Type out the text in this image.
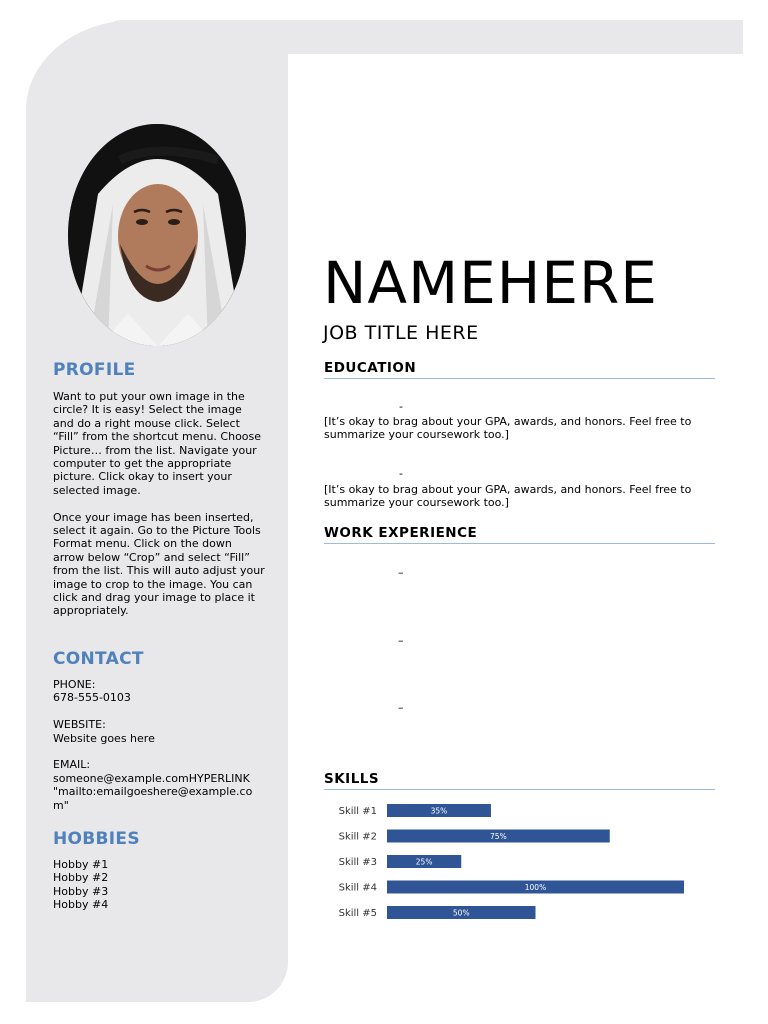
PROFILE

Want to put your own image in the circle? It is easy! Select the image and do a right mouse click. Select “Fill” from the shortcut menu. Choose Picture… from the list. Navigate your computer to get the appropriate picture. Click okay to insert your selected image.

Once your image has been inserted, select it again. Go to the Picture Tools Format menu. Click on the down arrow below “Crop” and select “Fill” from the list. This will auto adjust your image to crop to the image. You can click and drag your image to place it appropriately.

CONTACT
PHONE:
678-555-0103
WEBSITE:
Website goes here
EMAIL:
someone@example.comHYPERLINK
"mailto:emailgoeshere@example.co
m"
HOBBIES
Hobby #1
Hobby #2
Hobby #3
Hobby #4
NAMEHERE
JOB TITLE HERE
EDUCATION
-
[It’s okay to brag about your GPA, awards, and honors. Feel free to summarize your coursework too.]
-
[It’s okay to brag about your GPA, awards, and honors. Feel free to summarize your coursework too.]
WORK EXPERIENCE
–
–
–
SKILLS
Skill #1	35%
Skill #2	75%
Skill #3	25%
Skill #4	100%
Skill #5	50%
